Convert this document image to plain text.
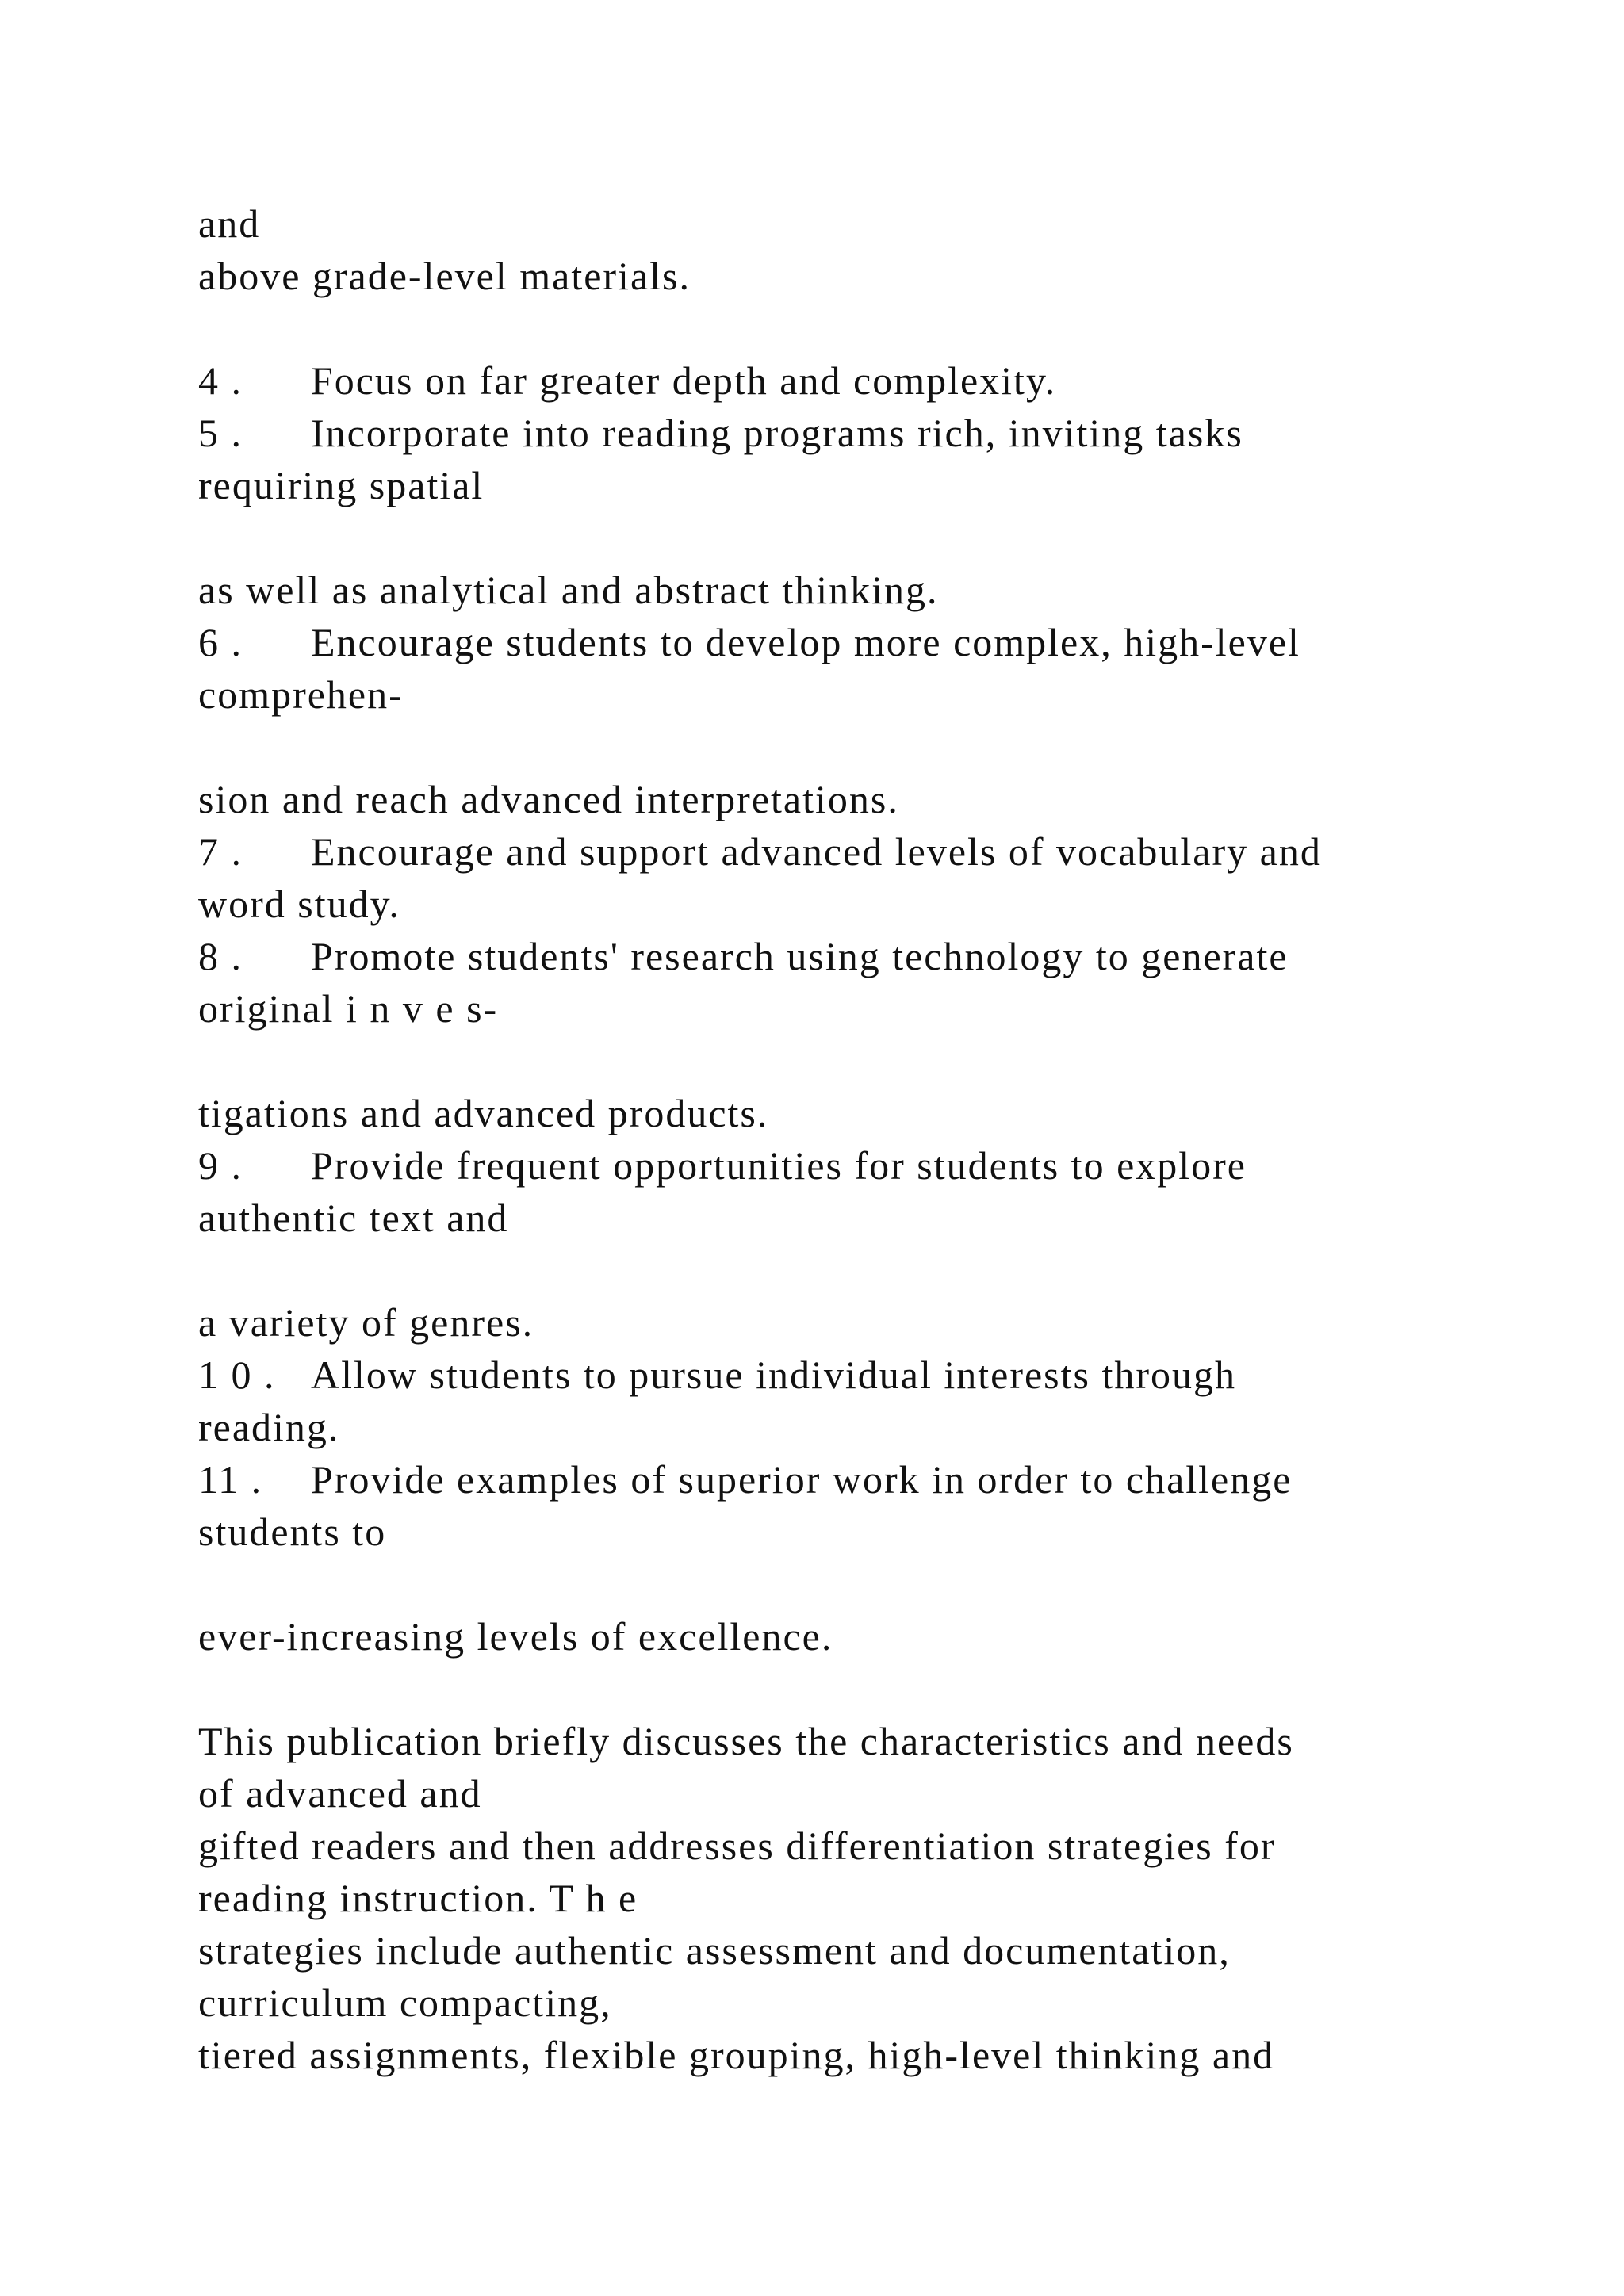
and
above grade-level materials.
4 . Focus on far greater depth and complexity.
5 . Incorporate into reading programs rich, inviting tasks
requiring spatial
as well as analytical and abstract thinking.
6 . Encourage students to develop more complex, high-level
comprehen-
sion and reach advanced interpretations.
7 . Encourage and support advanced levels of vocabulary and
word study.
8 . Promote students' research using technology to generate
original i n v e s-
tigations and advanced products.
9 . Provide frequent opportunities for students to explore
authentic text and
a variety of genres.
1 0 . Allow students to pursue individual interests through
reading.
11 . Provide examples of superior work in order to challenge
students to
ever-increasing levels of excellence.
This publication briefly discusses the characteristics and needs
of advanced and
gifted readers and then addresses differentiation strategies for
reading instruction. T h e
strategies include authentic assessment and documentation,
curriculum compacting,
tiered assignments, flexible grouping, high-level thinking and
